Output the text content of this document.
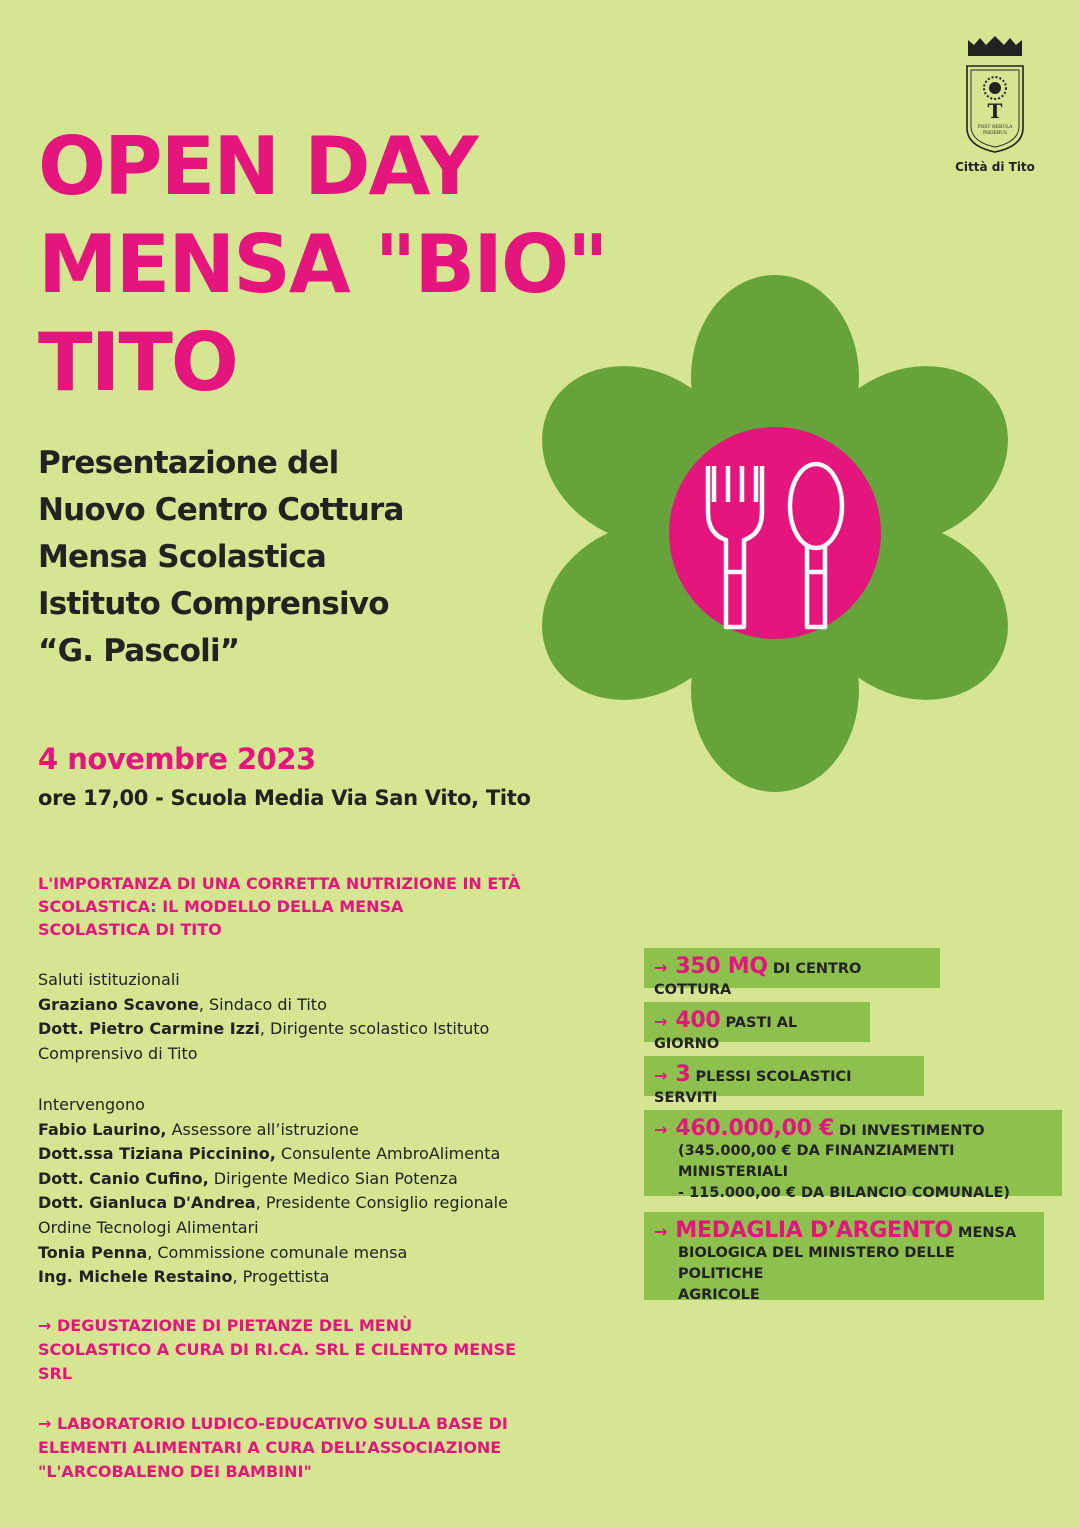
OPEN DAY
MENSA "BIO"
TITO
Presentazione del
Nuovo Centro Cottura
Mensa Scolastica
Istituto Comprensivo
“G. Pascoli”
4 novembre 2023
ore 17,00 - Scuola Media Via San Vito, Tito
L'IMPORTANZA DI UNA CORRETTA NUTRIZIONE IN ETÀ
SCOLASTICA: IL MODELLO DELLA MENSA
SCOLASTICA DI TITO
Saluti istituzionali
Graziano Scavone, Sindaco di Tito
Dott. Pietro Carmine Izzi, Dirigente scolastico Istituto
Comprensivo di Tito
Intervengono
Fabio Laurino, Assessore all’istruzione
Dott.ssa Tiziana Piccinino, Consulente AmbroAlimenta
Dott. Canio Cufino, Dirigente Medico Sian Potenza
Dott. Gianluca D'Andrea, Presidente Consiglio regionale
Ordine Tecnologi Alimentari
Tonia Penna, Commissione comunale mensa
Ing. Michele Restaino, Progettista
→ DEGUSTAZIONE DI PIETANZE DEL MENÙ
SCOLASTICO A CURA DI RI.CA. SRL E CILENTO MENSE
SRL
→ LABORATORIO LUDICO-EDUCATIVO SULLA BASE DI
ELEMENTI ALIMENTARI A CURA DELL’ASSOCIAZIONE
"L'ARCOBALENO DEI BAMBINI"
T
POST NEBULA
PHOEBUS
Città di Tito
→ 350 MQ DI CENTRO COTTURA
→ 400 PASTI AL GIORNO
→ 3 PLESSI SCOLASTICI SERVITI
→ 460.000,00 € DI INVESTIMENTO
(345.000,00 € DA FINANZIAMENTI MINISTERIALI
- 115.000,00 € DA BILANCIO COMUNALE)
→ MEDAGLIA D’ARGENTO MENSA
BIOLOGICA DEL MINISTERO DELLE POLITICHE
AGRICOLE
